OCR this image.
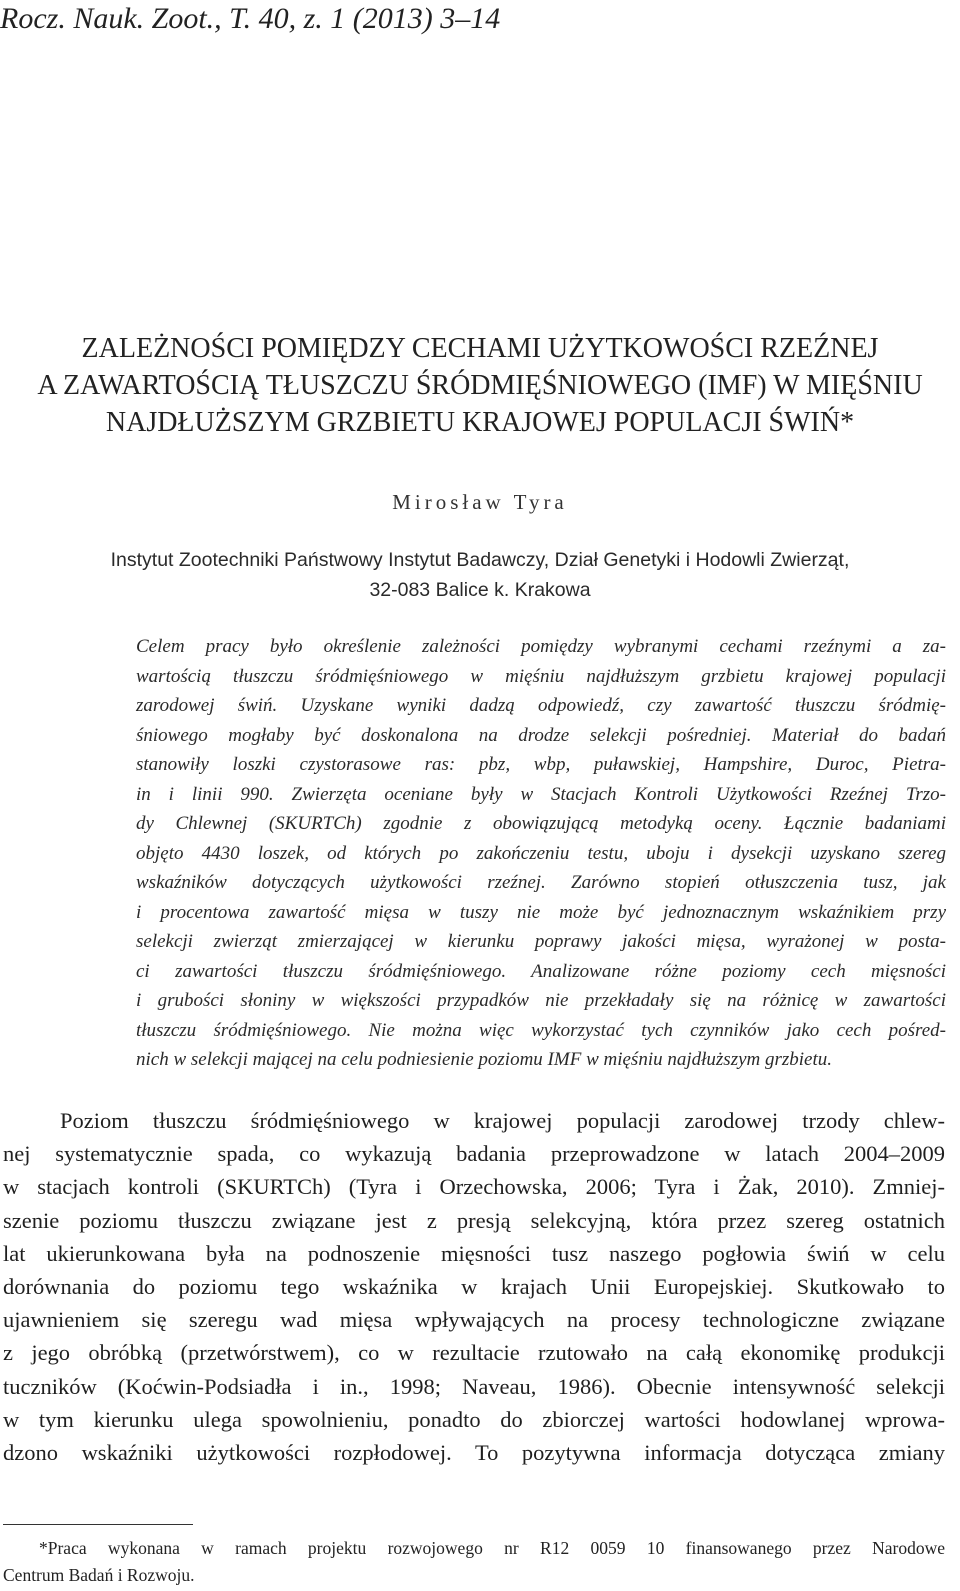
Rocz. Nauk. Zoot., T. 40, z. 1 (2013) 3–14
ZALEŻNOŚCI POMIĘDZY CECHAMI UŻYTKOWOŚCI RZEŹNEJ
A ZAWARTOŚCIĄ TŁUSZCZU ŚRÓDMIĘŚNIOWEGO (IMF) W MIĘŚNIU
NAJDŁUŻSZYM GRZBIETU KRAJOWEJ POPULACJI ŚWIŃ*
Mirosław Tyra
Instytut Zootechniki Państwowy Instytut Badawczy, Dział Genetyki i Hodowli Zwierząt,
32-083 Balice k. Krakowa
Celem pracy było określenie zależności pomiędzy wybranymi cechami rzeźnymi a za-
wartością tłuszczu śródmięśniowego w mięśniu najdłuższym grzbietu krajowej populacji
zarodowej świń. Uzyskane wyniki dadzą odpowiedź, czy zawartość tłuszczu śródmię-
śniowego mogłaby być doskonalona na drodze selekcji pośredniej. Materiał do badań
stanowiły loszki czystorasowe ras: pbz, wbp, puławskiej, Hampshire, Duroc, Pietra-
in i linii 990. Zwierzęta oceniane były w Stacjach Kontroli Użytkowości Rzeźnej Trzo-
dy Chlewnej (SKURTCh) zgodnie z obowiązującą metodyką oceny. Łącznie badaniami
objęto 4430 loszek, od których po zakończeniu testu, uboju i dysekcji uzyskano szereg
wskaźników dotyczących użytkowości rzeźnej. Zarówno stopień otłuszczenia tusz, jak
i procentowa zawartość mięsa w tuszy nie może być jednoznacznym wskaźnikiem przy
selekcji zwierząt zmierzającej w kierunku poprawy jakości mięsa, wyrażonej w posta-
ci zawartości tłuszczu śródmięśniowego. Analizowane różne poziomy cech mięsności
i grubości słoniny w większości przypadków nie przekładały się na różnicę w zawartości
tłuszczu śródmięśniowego. Nie można więc wykorzystać tych czynników jako cech pośred-
nich w selekcji mającej na celu podniesienie poziomu IMF w mięśniu najdłuższym grzbietu.
Poziom tłuszczu śródmięśniowego w krajowej populacji zarodowej trzody chlew-
nej systematycznie spada, co wykazują badania przeprowadzone w latach 2004–2009
w stacjach kontroli (SKURTCh) (Tyra i Orzechowska, 2006; Tyra i Żak, 2010). Zmniej-
szenie poziomu tłuszczu związane jest z presją selekcyjną, która przez szereg ostatnich
lat ukierunkowana była na podnoszenie mięsności tusz naszego pogłowia świń w celu
dorównania do poziomu tego wskaźnika w krajach Unii Europejskiej. Skutkowało to
ujawnieniem się szeregu wad mięsa wpływających na procesy technologiczne związane
z jego obróbką (przetwórstwem), co w rezultacie rzutowało na całą ekonomikę produkcji
tuczników (Koćwin-Podsiadła i in., 1998; Naveau, 1986). Obecnie intensywność selekcji
w tym kierunku ulega spowolnieniu, ponadto do zbiorczej wartości hodowlanej wprowa-
dzono wskaźniki użytkowości rozpłodowej. To pozytywna informacja dotycząca zmiany
*Praca wykonana w ramach projektu rozwojowego nr R12 0059 10 finansowanego przez Narodowe
Centrum Badań i Rozwoju.
